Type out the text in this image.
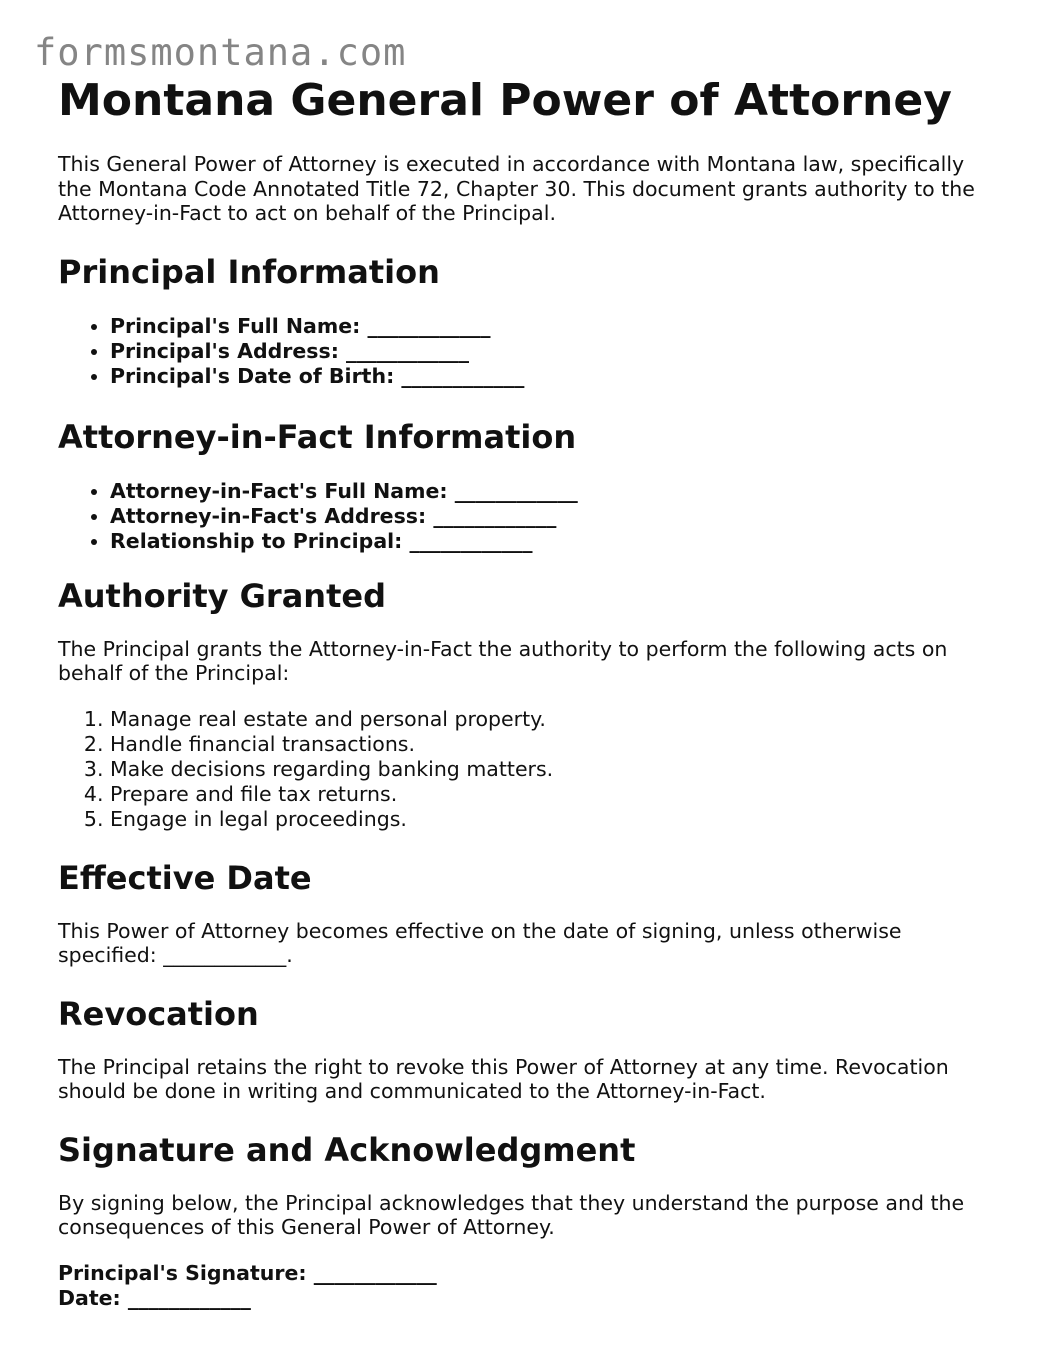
formsmontana.com
Montana General Power of Attorney

This General Power of Attorney is executed in accordance with Montana law, specifically the Montana Code Annotated Title 72, Chapter 30. This document grants authority to the Attorney-in-Fact to act on behalf of the Principal.

Principal Information
• Principal's Full Name: ____________
• Principal's Address: ____________
• Principal's Date of Birth: ____________
Attorney-in-Fact Information
• Attorney-in-Fact's Full Name: ____________
• Attorney-in-Fact's Address: ____________
• Relationship to Principal: ____________
Authority Granted

The Principal grants the Attorney-in-Fact the authority to perform the following acts on behalf of the Principal:

1. Manage real estate and personal property.
2. Handle financial transactions.
3. Make decisions regarding banking matters.
4. Prepare and file tax returns.
5. Engage in legal proceedings.
Effective Date

This Power of Attorney becomes effective on the date of signing, unless otherwise specified: ____________.

Revocation

The Principal retains the right to revoke this Power of Attorney at any time. Revocation should be done in writing and communicated to the Attorney-in-Fact.

Signature and Acknowledgment

By signing below, the Principal acknowledges that they understand the purpose and the consequences of this General Power of Attorney.

Principal's Signature: ____________
Date: ____________
